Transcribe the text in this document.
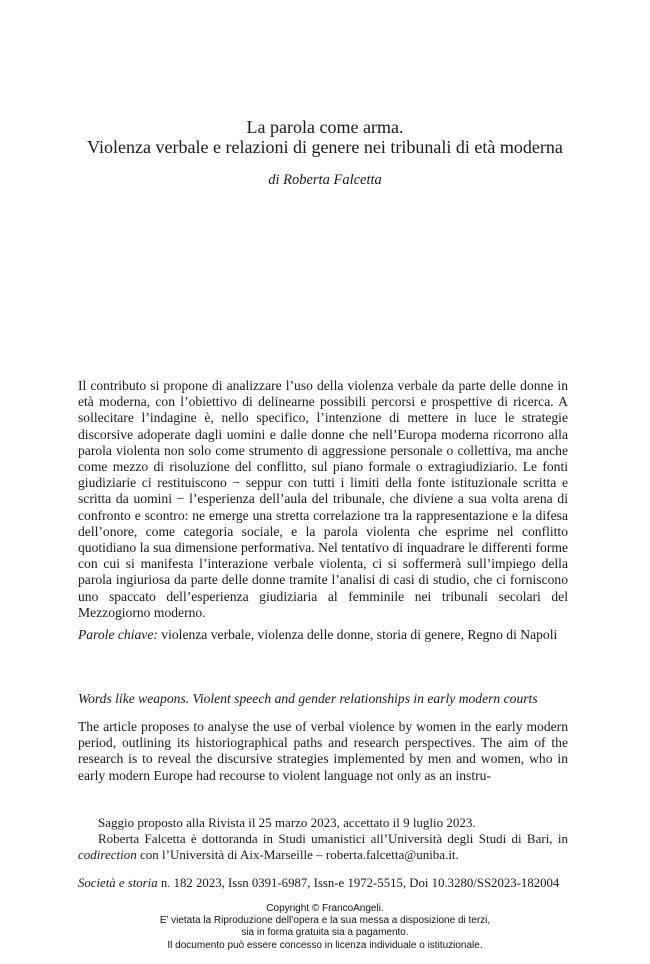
La parola come arma.
Violenza verbale e relazioni di genere nei tribunali di età moderna
di Roberta Falcetta
Il contributo si propone di analizzare l’uso della violenza verbale da parte delle donne in età moderna, con l’obiettivo di delinearne possibili percorsi e prospettive di ricerca. A sollecitare l’indagine è, nello specifico, l’intenzione di mettere in luce le strategie discorsive adoperate dagli uomini e dalle donne che nell’Europa moderna ricorrono alla parola violenta non solo come strumento di aggressione personale o collettiva, ma anche come mezzo di risoluzione del conflitto, sul piano formale o extragiudiziario. Le fonti giudiziarie ci restituiscono − seppur con tutti i limiti della fonte istituzionale scritta e scritta da uomini − l’esperienza dell’aula del tribunale, che diviene a sua volta arena di confronto e scontro: ne emerge una stretta correlazione tra la rappresentazione e la difesa dell’onore, come categoria sociale, e la parola violenta che esprime nel conflitto quotidiano la sua dimensione performativa. Nel tentativo di inquadrare le differenti forme con cui si manifesta l’interazione verbale violenta, ci si soffermerà sull’impiego della parola ingiuriosa da parte delle donne tramite l’analisi di casi di studio, che ci forniscono uno spaccato dell’esperienza giudiziaria al femminile nei tribunali secolari del Mezzogiorno moderno.
Parole chiave: violenza verbale, violenza delle donne, storia di genere, Regno di Napoli
Words like weapons. Violent speech and gender relationships in early modern courts
The article proposes to analyse the use of verbal violence by women in the early modern period, outlining its historiographical paths and research perspectives. The aim of the research is to reveal the discursive strategies implemented by men and women, who in early modern Europe had recourse to violent language not only as an instru-

Saggio proposto alla Rivista il 25 marzo 2023, accettato il 9 luglio 2023.

Roberta Falcetta è dottoranda in Studi umanistici all’Università degli Studi di Bari, in codirection con l’Università di Aix-Marseille – roberta.falcetta@uniba.it.

Società e storia n. 182 2023, Issn 0391-6987, Issn-e 1972-5515, Doi 10.3280/SS2023-182004
Copyright © FrancoAngeli.
E’ vietata la Riproduzione dell’opera e la sua messa a disposizione di terzi,
sia in forma gratuita sia a pagamento.
Il documento può essere concesso in licenza individuale o istituzionale.
